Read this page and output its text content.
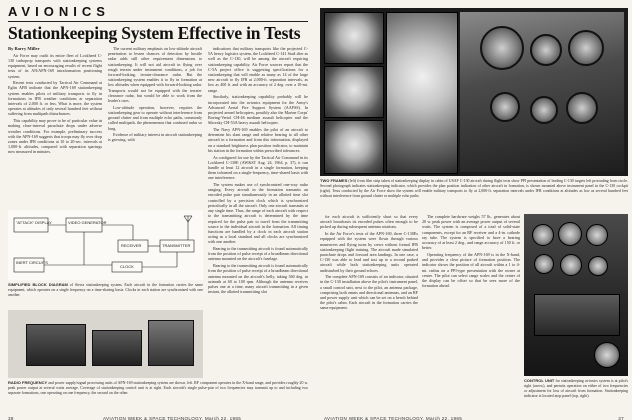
AVIONICS
Stationkeeping System Effective in Tests

By Barry Miller

Air Force may outfit its entire fleet of Lockheed C-130 turboprop transports with stationkeeping systems equipment, based on encouraging results of recent flight tests of its AN/APN-169 intraformation positioning system.

Recent tests conducted by Tactical Air Command at Eglin AFB indicate that the APN-169 stationkeeping system enables pilots of military transports to fly in formations in IFR weather conditions at separation intervals of 2,000 ft. or less. What is more, the system operates at altitudes of only several hundred feet without suffering from multipath disturbances.

This capability may prove to be of particular value in making close-interval parachute drops under adverse weather conditions. For example, preliminary success with the APN-169 suggests that troops may fly over drop zones under IFR conditions at 10 to 20-sec. intervals at 1,000-ft. altitudes, compared with separation spacings now measured in minutes.

The current military emphasis on low-altitude aircraft penetration to lessen chances of detection by hostile radar adds still other requirement dimensions to stationkeeping. It will not aid aircraft in flying over rough terrain under instrument conditions, a job for forward-looking, terrain-clearance radar. But the stationkeeping system enables it to fly in formation at low altitudes when equipped with forward-looking radar. Transports would not be equipped with the terrain-clearance radar, but would be able to work from the leader's cues.

Low-altitude operation, however, requires the stationkeeping gear to operate without interference from ground clutter and from multiple echo paths, commonly called multipath, the phenomenon that confused radar so long.

Evidence of military interest in aircraft stationkeeping is growing, with

indications that military transports like the projected C-5A heavy logistics system, the Lockheed C-141 StarLifter as well as the C-130, will be among the aircraft requiring stationkeeping capability. Air Force sources report that the C-5A project office is suggesting specifications for a stationkeeping that will enable as many as 14 of the large new aircraft to fly IFR at 2,000-ft. separation intervals, as low as 400 ft. and with an accuracy of 2 deg. over a 10-mi. range.

Similarly, stationkeeping capability probably will be incorporated into the avionics equipment for the Army's Advanced Aerial Fire Support System (AAFSS). In projected armed helicopters, possibly also the Marine Corps' Boeing-Vertol CH-46 medium assault helicopter and the Sikorsky CH-53A heavy assault helicopter.

The Navy APN-169 enables the pilot of an aircraft to determine his slant range and relative bearing to all other aircraft in a formation and from this information, displayed on a standard brightness plan position indicator, to maintain his station in the formation within prescribed tolerances.

As configured for use by the Tactical Air Command in its Lockheed C-130E (AW&ST Aug. 24, 1964, p. 37), it can handle at least 12 aircraft in a single formation, keeping them informed on a single-frequency, time-shared basis with one interference.

The system makes use of synchronized one-way radar ranging. Every aircraft in the formation transmits an encoded pulse pair simultaneously in an allotted time slot controlled by a precision clock which is synchronized periodically in all the aircraft. Only one aircraft transmits at any single time. Thus, the range of each aircraft with respect to the transmitting aircraft is determined by the time required for the pulse pair to travel from the transmitting source to the individual aircraft in the formation. All timing functions are handled by a clock in each aircraft station acting as a local standard and all clocks are synchronized with one another.

Bearing to the transmitting aircraft is found automatically from the position of pulse receipt of a broadbeam directional antenna mounted on the aircraft's fuselage.

Bearing to the transmitting aircraft is found automatically from the position of pulse receipt of a broadbeam directional antenna mounted on the aircraft's belly, taking 360 deg. in azimuth at 60 to 100 rpm. Although the antenna receives pulses one at a time, many aircraft transmitting in a given instant, the allotted transmitting slot

"ATTACK" DISPLAY	VIDEO GENERATOR
RECEIVER	TRANSMITTER
INERT CIRCUITS
CLOCK
SIMPLIFIED BLOCK DIAGRAM of Sierra stationkeeping system. Each aircraft in the formation carries the same equipment, which operates on a single frequency on a time-sharing basis. Clocks in each station are synchronized with one another.
RADIO FREQUENCY and power supply/signal processing units of APN-169 stationkeeping system are shown, left. RF component operates in the X-band range, and provides roughly 20 w. peak power output at several watts average. Coverage of stationkeeping control unit is at right. Each aircraft's single pulse-pair of two frequencies may transmit up to and including two separate formations, one operating on one frequency, the second on the other.
38	AVIATION WEEK & SPACE TECHNOLOGY, March 22, 1965
TWO FRAMES (left) from film strip taken of stationkeeping display in cabin of USAF C-130 aircraft during flight tests show PPI presentation of leading C-130 targets left protruding from circle. Second photograph indicates stationkeeping indicator, which provides the plan position indication of other aircraft in formation, is shown mounted above instrument panel in the C-130 cockpit (right). Tests conducted by the Air Force show the system will enable military transports to fly at 2,000-ft. separation intervals under IFR conditions at altitudes as low as several hundred feet without interference from ground clutter or multiple echo paths.

for each aircraft is sufficiently short so that every aircraft broadcasts its encoded pulses often enough to be picked up during subsequent antenna rotations.

In the Air Force's tests of the APN-169, three C-130Es equipped with the system were flown through various maneuvers and flying turns by crews without formal IFR stationkeeping flight training. The aircraft made simulated parachute drops and forward area landings. In one case, a C-130 was able to lead and taxi up to a second parked aircraft while both stationkeeping units operated undisturbed by their ground echoes.

The complete APN-169 consists of an indicator, situated in the C-130 installation above the pilot's instrument panel, a small control unit, next to the pilot, an antenna package, comprising both omnis and directional antennas, and an RF and power supply unit which can be set on a bench behind the pilot's cabin. Each aircraft in the formation carries the same equipment.

The complete hardware weighs 57 lb., generates about 20 w. peak power with an average power output of several watts. The system is composed of a total of solid-state components, except for an RF receiver and a 4-in. cathode ray tube. The system is specified to have a bearing accuracy of at least 2 deg., and range accuracy of 150 ft. or better.

Operating frequency of the APN-169 is in the X-band, and provides a clear picture of formation position. The indicator shows the position of all aircraft within a 1 to 4-mi. radius on a PPI-type presentation with the owner at center. The pilot can select range scales and the center of the display can be offset so that he sees more of the formation ahead.

CONTROL UNIT for stationkeeping avionics system is at pilot's right (arrow), and permits operation on either of two frequencies or adjustment for loss of aircraft from formation. Stationkeeping indicator is located atop panel (top, right).
AVIATION WEEK & SPACE TECHNOLOGY, March 22, 1965	37
